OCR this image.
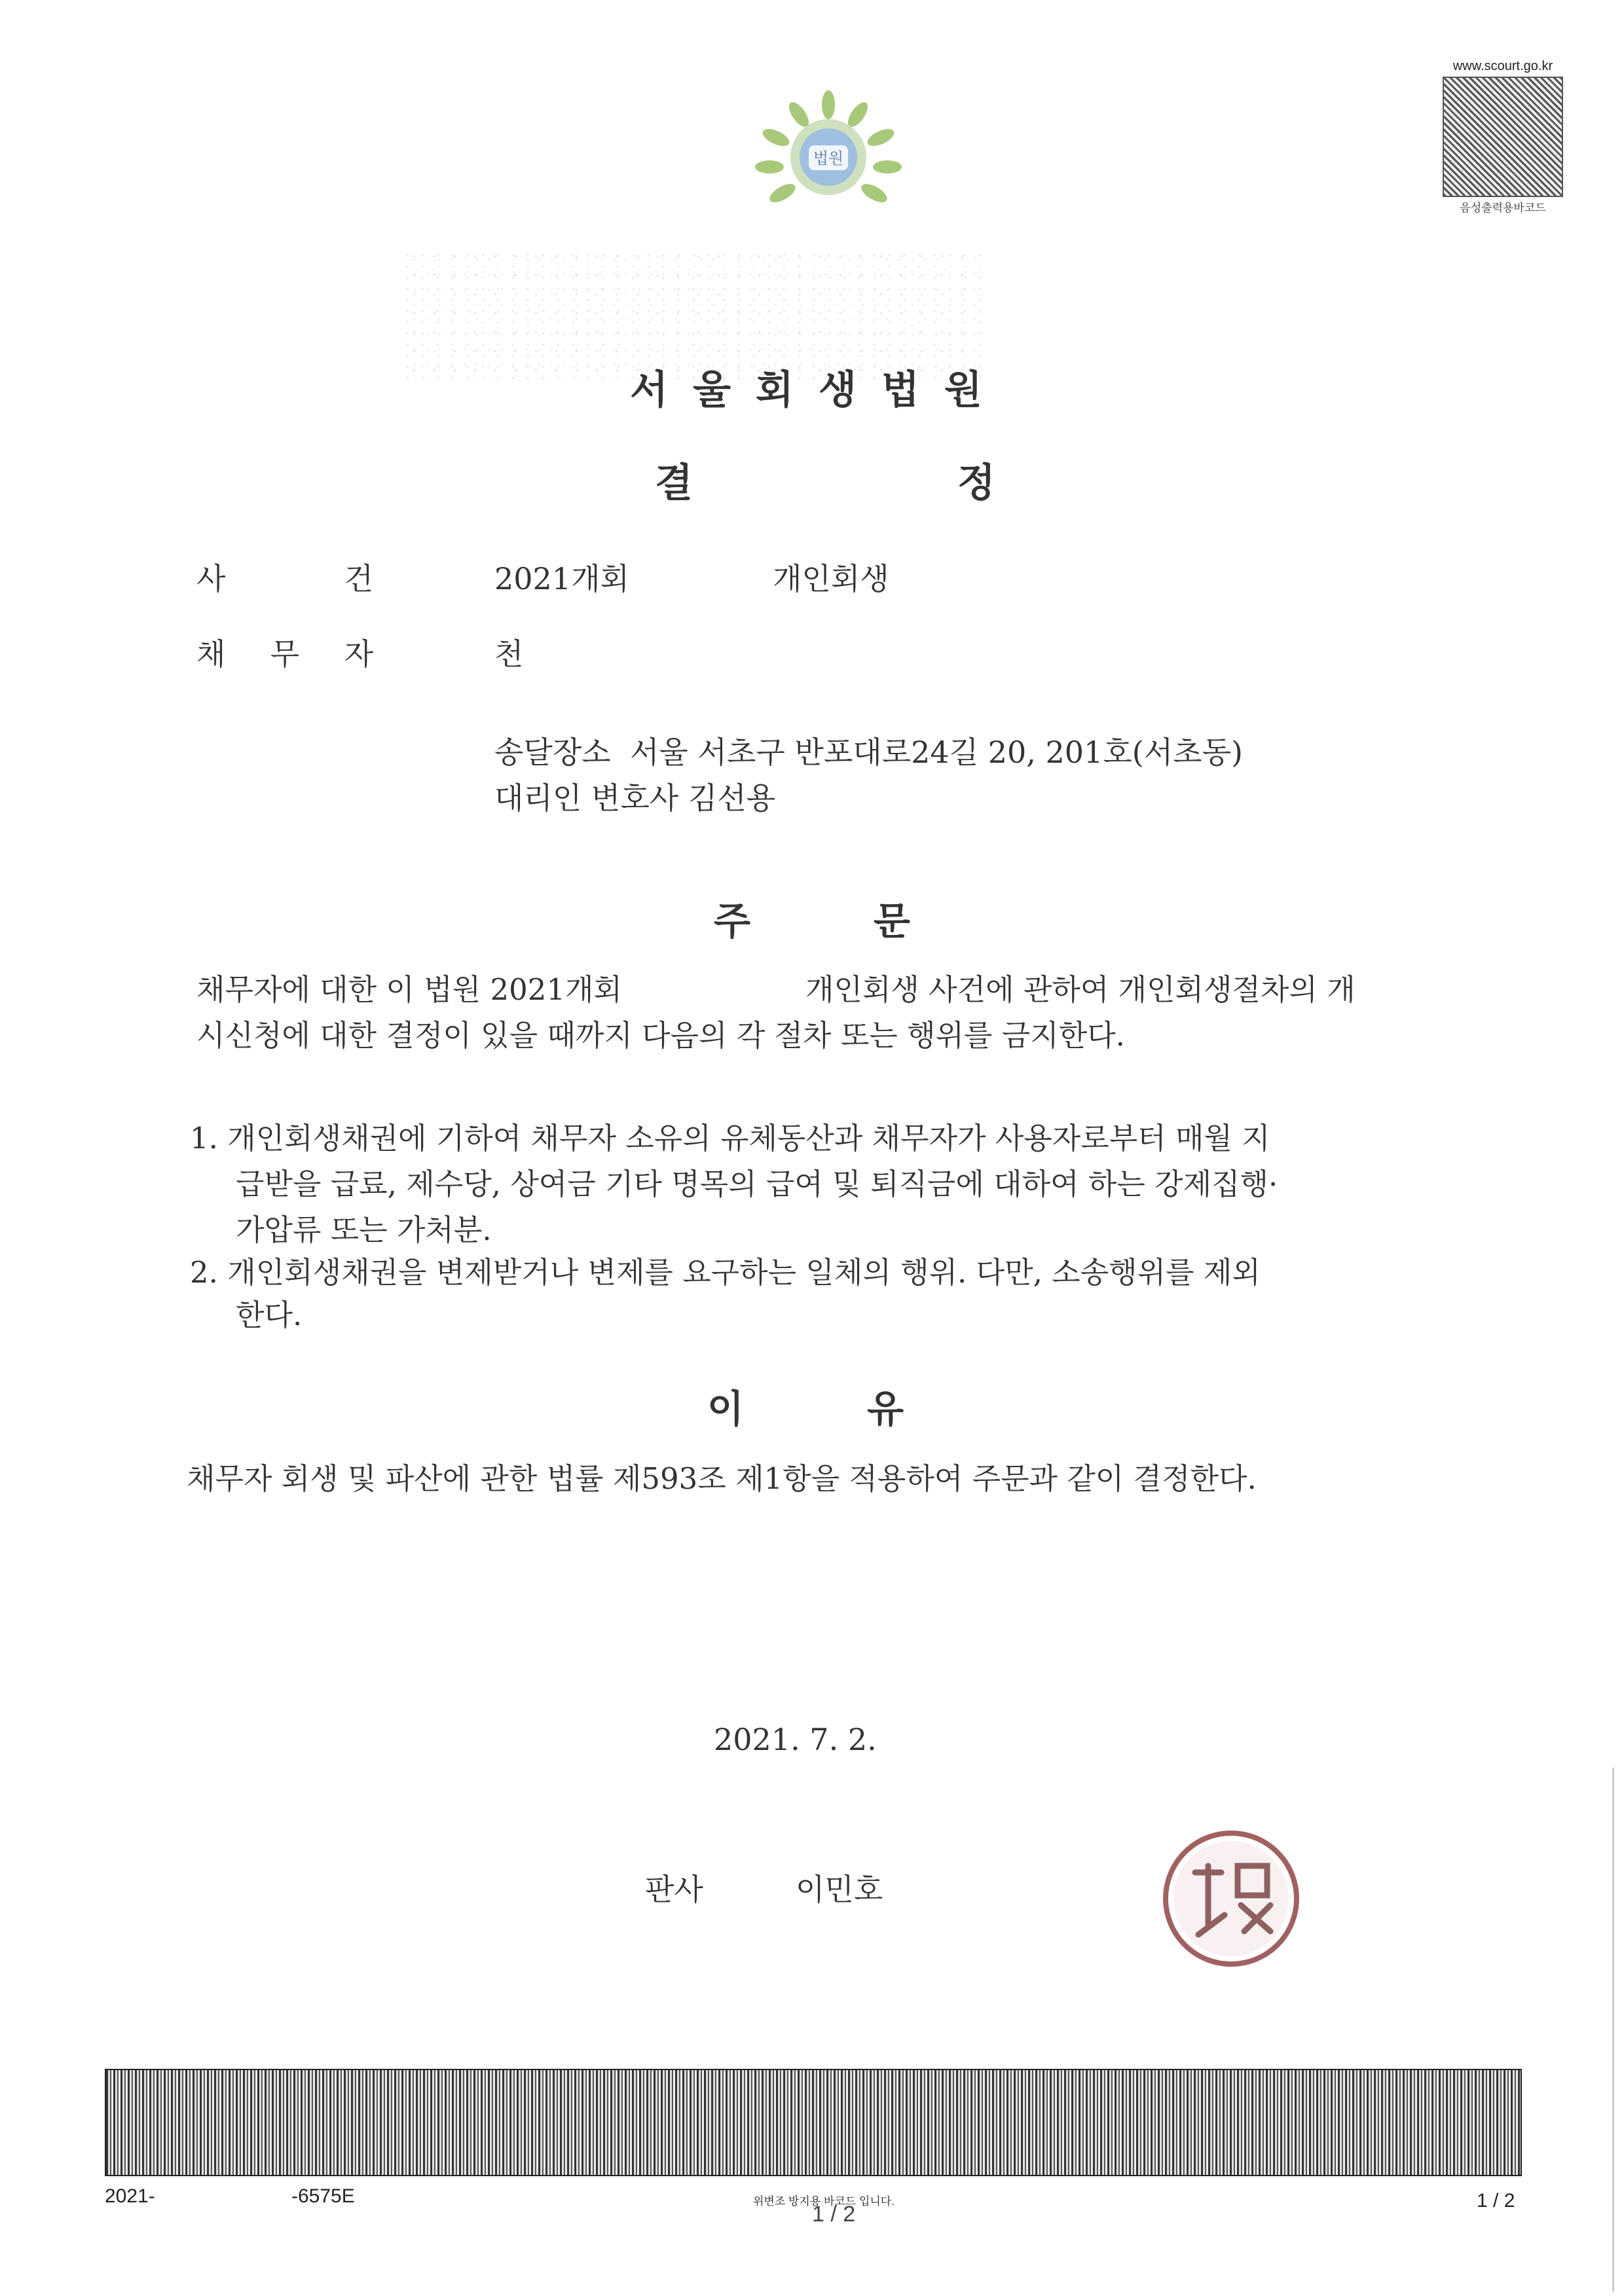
법원
www.scourt.go.kr
음성출력용바코드
서울회생법원
결	정
사	건	2021개회	개인회생
채 무 자	천
송달장소  서울 서초구 반포대로24길 20, 201호(서초동)
대리인 변호사 김선용
주	문
채무자에 대한 이 법원 2021개회	개인회생 사건에 관하여 개인회생절차의 개
시신청에 대한 결정이 있을 때까지 다음의 각 절차 또는 행위를 금지한다.
1. 개인회생채권에 기하여 채무자 소유의 유체동산과 채무자가 사용자로부터 매월 지
급받을 급료, 제수당, 상여금 기타 명목의 급여 및 퇴직금에 대하여 하는 강제집행·
가압류 또는 가처분.
2. 개인회생채권을 변제받거나 변제를 요구하는 일체의 행위. 다만, 소송행위를 제외
한다.
이	유
채무자 회생 및 파산에 관한 법률 제593조 제1항을 적용하여 주문과 같이 결정한다.
2021. 7. 2.
판사	이민호
2021-	-6575E	위변조 방지용 바코드 입니다.
1 / 2
1 / 2
